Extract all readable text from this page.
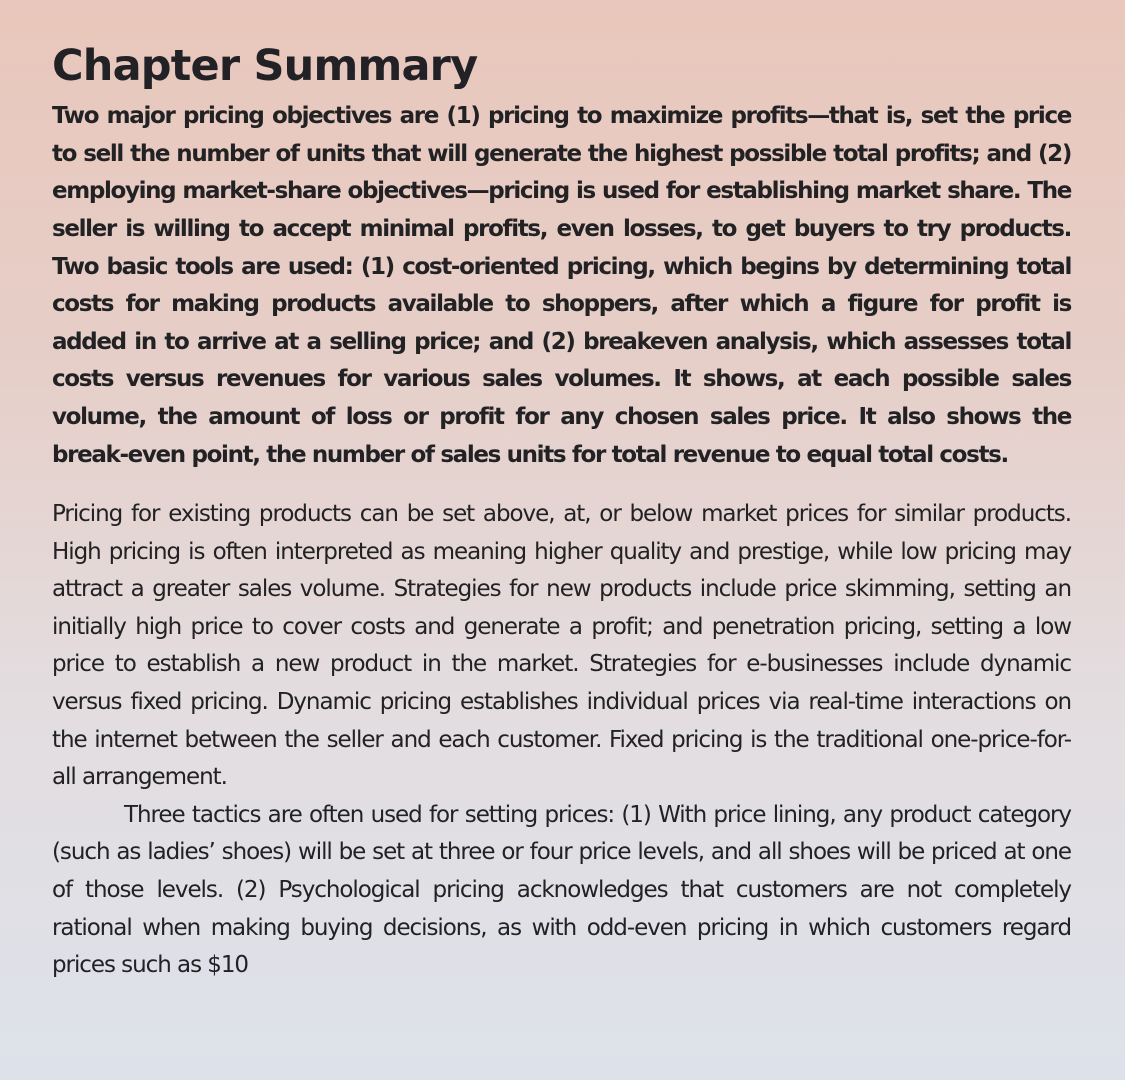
Chapter Summary

Two major pricing objectives are (1) pricing to maximize profits—that is, set the price to sell the number of units that will generate the highest possible total profits; and (2) employing market-share objectives—pricing is used for establishing market share. The seller is willing to accept minimal profits, even losses, to get buyers to try products. Two basic tools are used: (1) cost-oriented pricing, which begins by determining total costs for making products available to shoppers, after which a figure for profit is added in to arrive at a selling price; and (2) breakeven analysis, which assesses total costs versus revenues for various sales volumes. It shows, at each possible sales volume, the amount of loss or profit for any chosen sales price. It also shows the break-even point, the number of sales units for total revenue to equal total costs.

Pricing for existing products can be set above, at, or below market prices for similar products. High pricing is often interpreted as meaning higher quality and prestige, while low pricing may attract a greater sales volume. Strategies for new products include price skimming, setting an initially high price to cover costs and generate a profit; and penetration pricing, setting a low price to establish a new product in the market. Strategies for e-businesses include dynamic versus fixed pricing. Dynamic pricing establishes individual prices via real-time interactions on the internet between the seller and each customer. Fixed pricing is the traditional one-price-for-all arrangement.

Three tactics are often used for setting prices: (1) With price lining, any product category (such as ladies’ shoes) will be set at three or four price levels, and all shoes will be priced at one of those levels. (2) Psychological pricing acknowledges that customers are not completely rational when making buying decisions, as with odd-even pricing in which customers regard prices such as $10
